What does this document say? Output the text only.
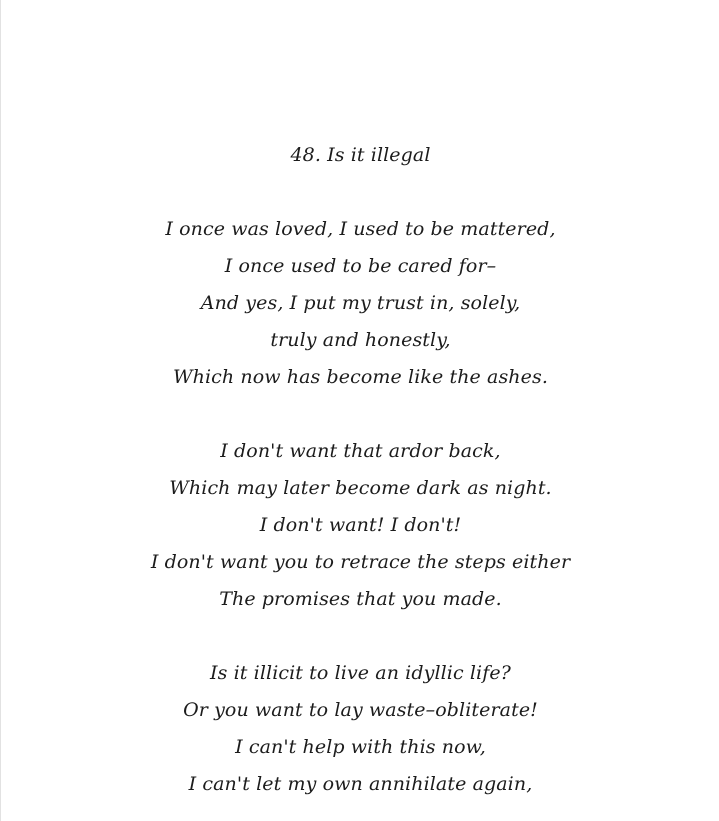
48. Is it illegal
I once was loved, I used to be mattered,
I once used to be cared for–
And yes, I put my trust in, solely,
truly and honestly,
Which now has become like the ashes.
I don't want that ardor back,
Which may later become dark as night.
I don't want! I don't!
I don't want you to retrace the steps either
The promises that you made.
Is it illicit to live an idyllic life?
Or you want to lay waste–obliterate!
I can't help with this now,
I can't let my own annihilate again,
